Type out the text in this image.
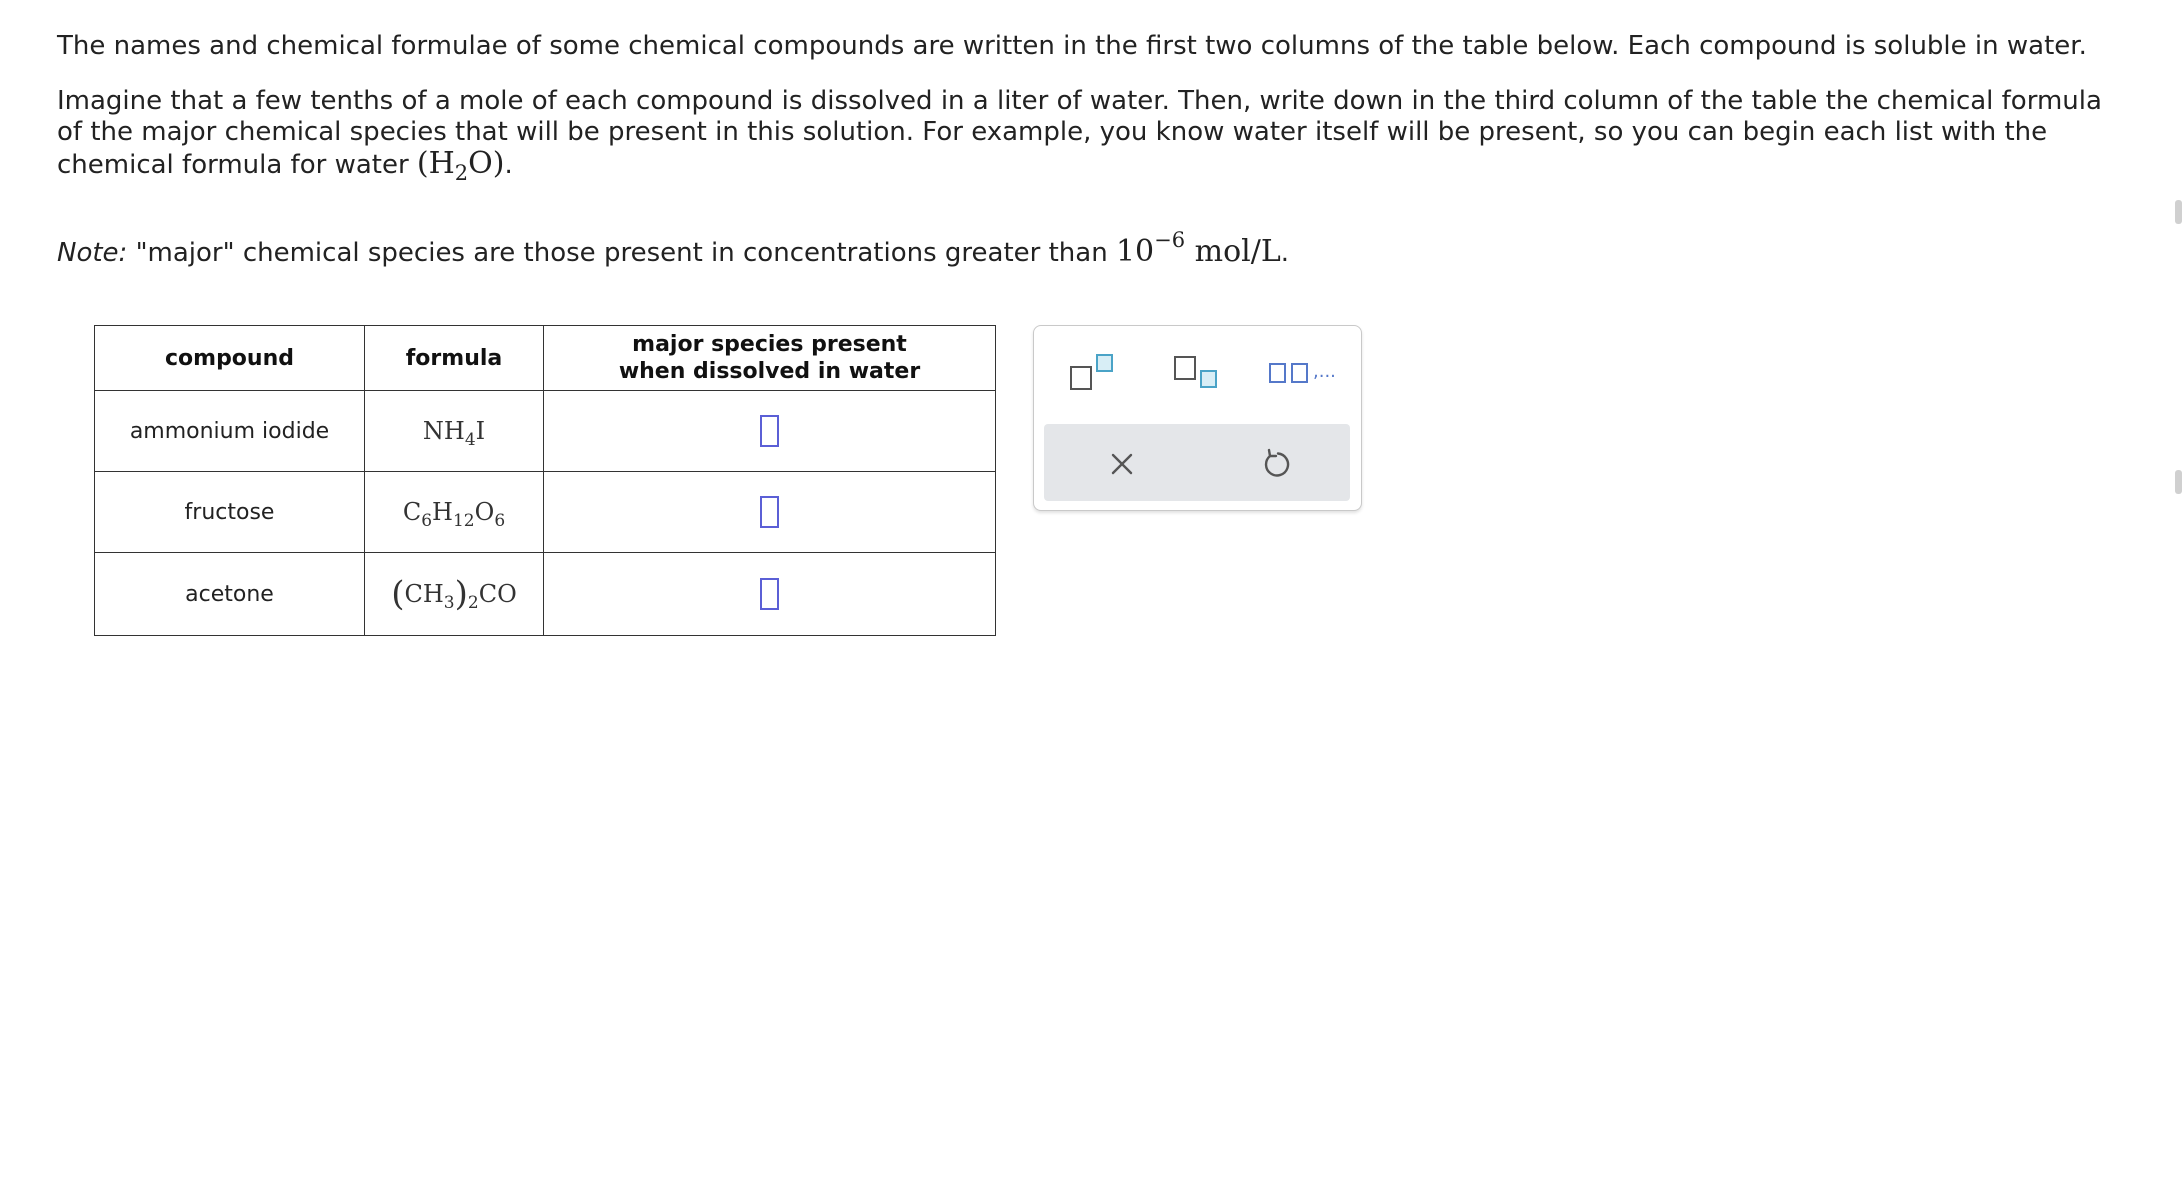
The names and chemical formulae of some chemical compounds are written in the first two columns of the table below. Each compound is soluble in water.

Imagine that a few tenths of a mole of each compound is dissolved in a liter of water. Then, write down in the third column of the table the chemical formula of the major chemical species that will be present in this solution. For example, you know water itself will be present, so you can begin each list with the chemical formula for water $(H_2O)$.

Note: "major" chemical species are those present in concentrations greater than $10^{-6}$ mol/L.

compound	formula	major species present
when dissolved in water
ammonium iodide	$NH_4I$	
fructose	$C_6H_{12}O_6$	
acetone	$(CH_3)_2CO$	
,...
